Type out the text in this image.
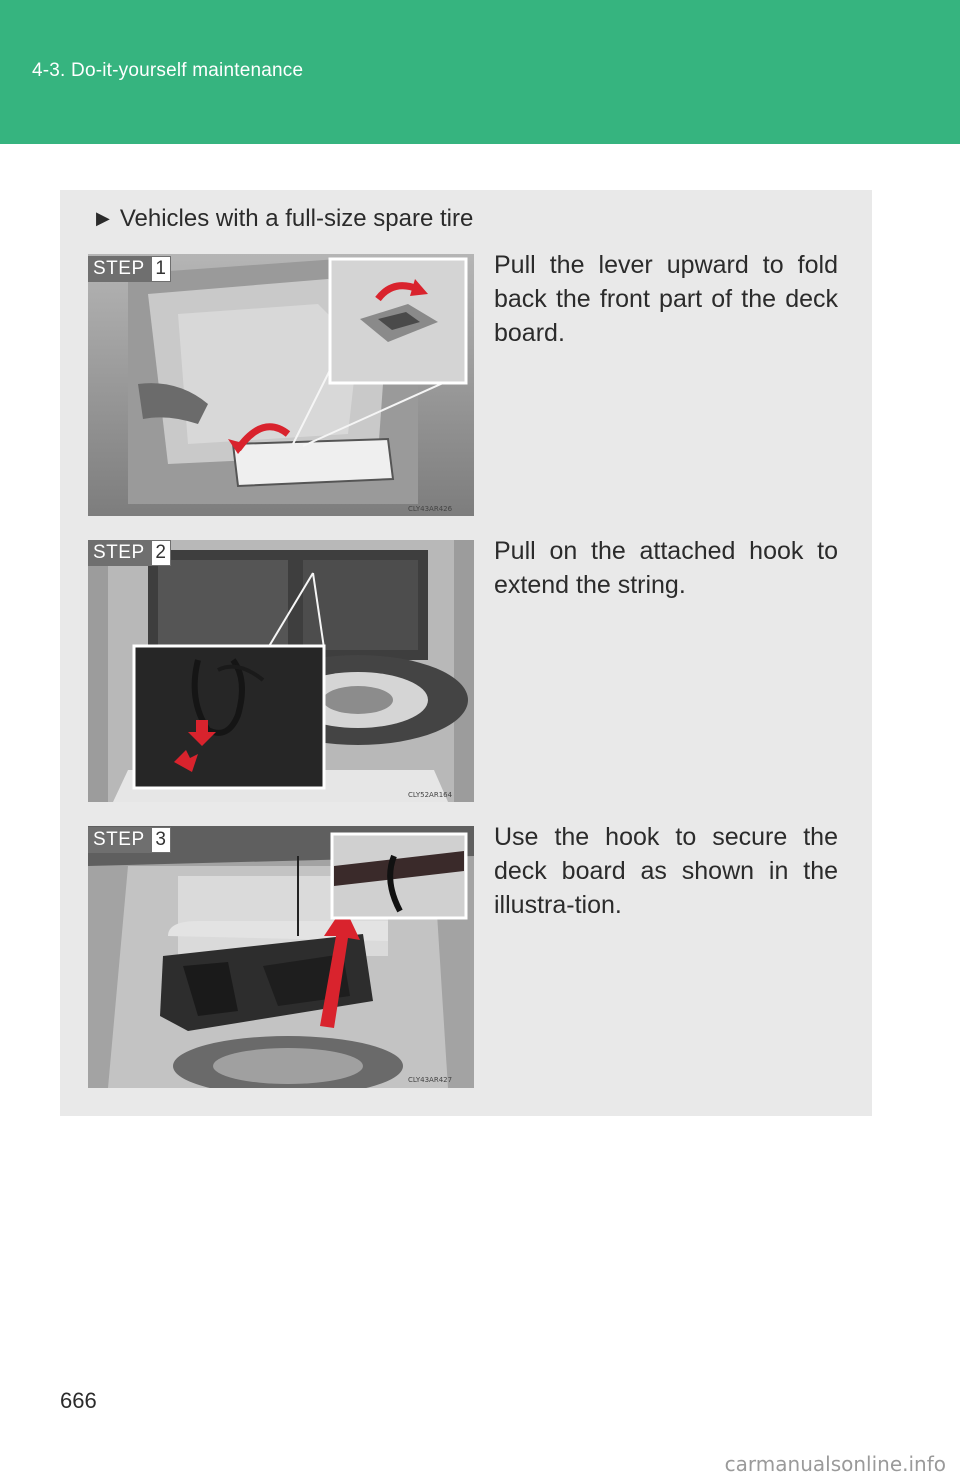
4-3. Do-it-yourself maintenance
▶ Vehicles with a full-size spare tire
STEP 1
CLY43AR426
Pull the lever upward to fold back the front part of the deck board.
STEP 2
CLY52AR164
Pull on the attached hook to extend the string.
STEP 3
CLY43AR427
Use the hook to secure the deck board as shown in the illustra-tion.
666
carmanualsonline.info
